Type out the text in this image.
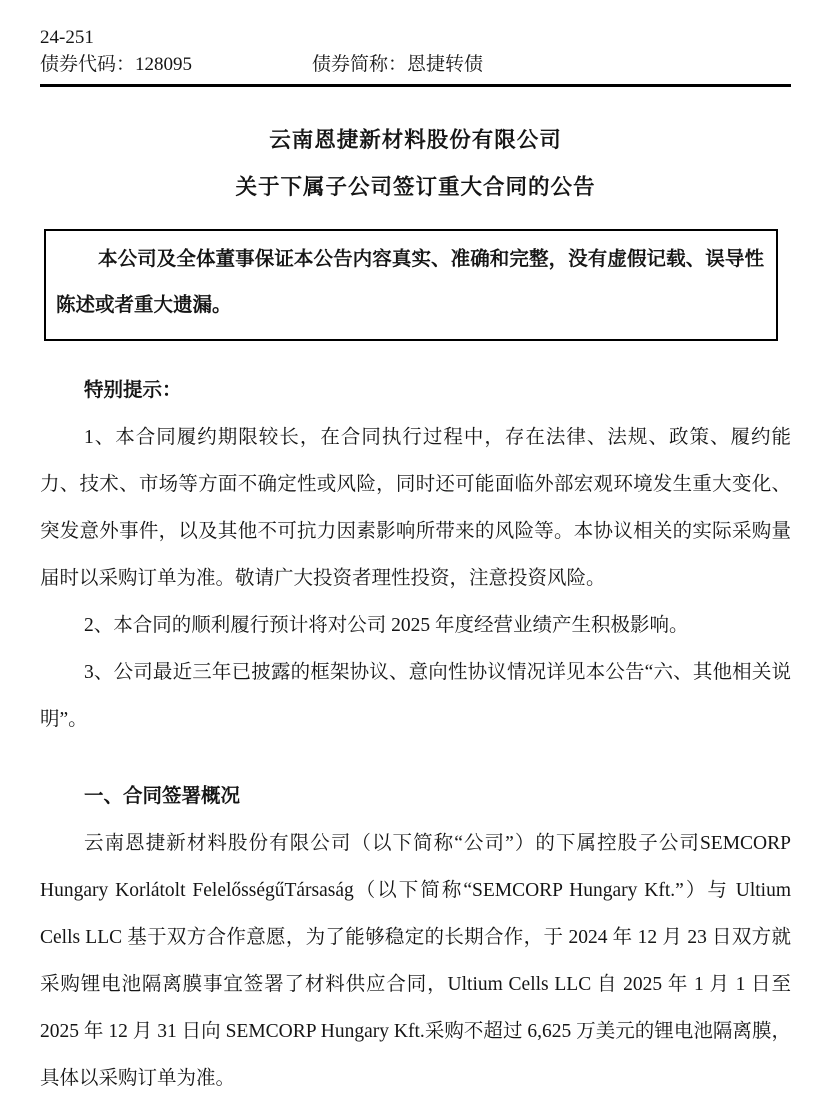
24-251
债券代码：128095	债券简称：恩捷转债
云南恩捷新材料股份有限公司
关于下属子公司签订重大合同的公告

本公司及全体董事保证本公告内容真实、准确和完整，没有虚假记载、误导性陈述或者重大遗漏。

特别提示：

1、本合同履约期限较长，在合同执行过程中，存在法律、法规、政策、履约能力、技术、市场等方面不确定性或风险，同时还可能面临外部宏观环境发生重大变化、突发意外事件，以及其他不可抗力因素影响所带来的风险等。本协议相关的实际采购量届时以采购订单为准。敬请广大投资者理性投资，注意投资风险。

2、本合同的顺利履行预计将对公司 2025 年度经营业绩产生积极影响。

3、公司最近三年已披露的框架协议、意向性协议情况详见本公告“六、其他相关说明”。

一、合同签署概况

云南恩捷新材料股份有限公司（以下简称“公司”）的下属控股子公司SEMCORP Hungary Korlátolt FelelősségűTársaság（以下简称“SEMCORP Hungary Kft.”）与 Ultium Cells LLC 基于双方合作意愿，为了能够稳定的长期合作，于 2024 年 12 月 23 日双方就采购锂电池隔离膜事宜签署了材料供应合同，Ultium Cells LLC 自 2025 年 1 月 1 日至 2025 年 12 月 31 日向 SEMCORP Hungary Kft.采购不超过 6,625 万美元的锂电池隔离膜，具体以采购订单为准。
